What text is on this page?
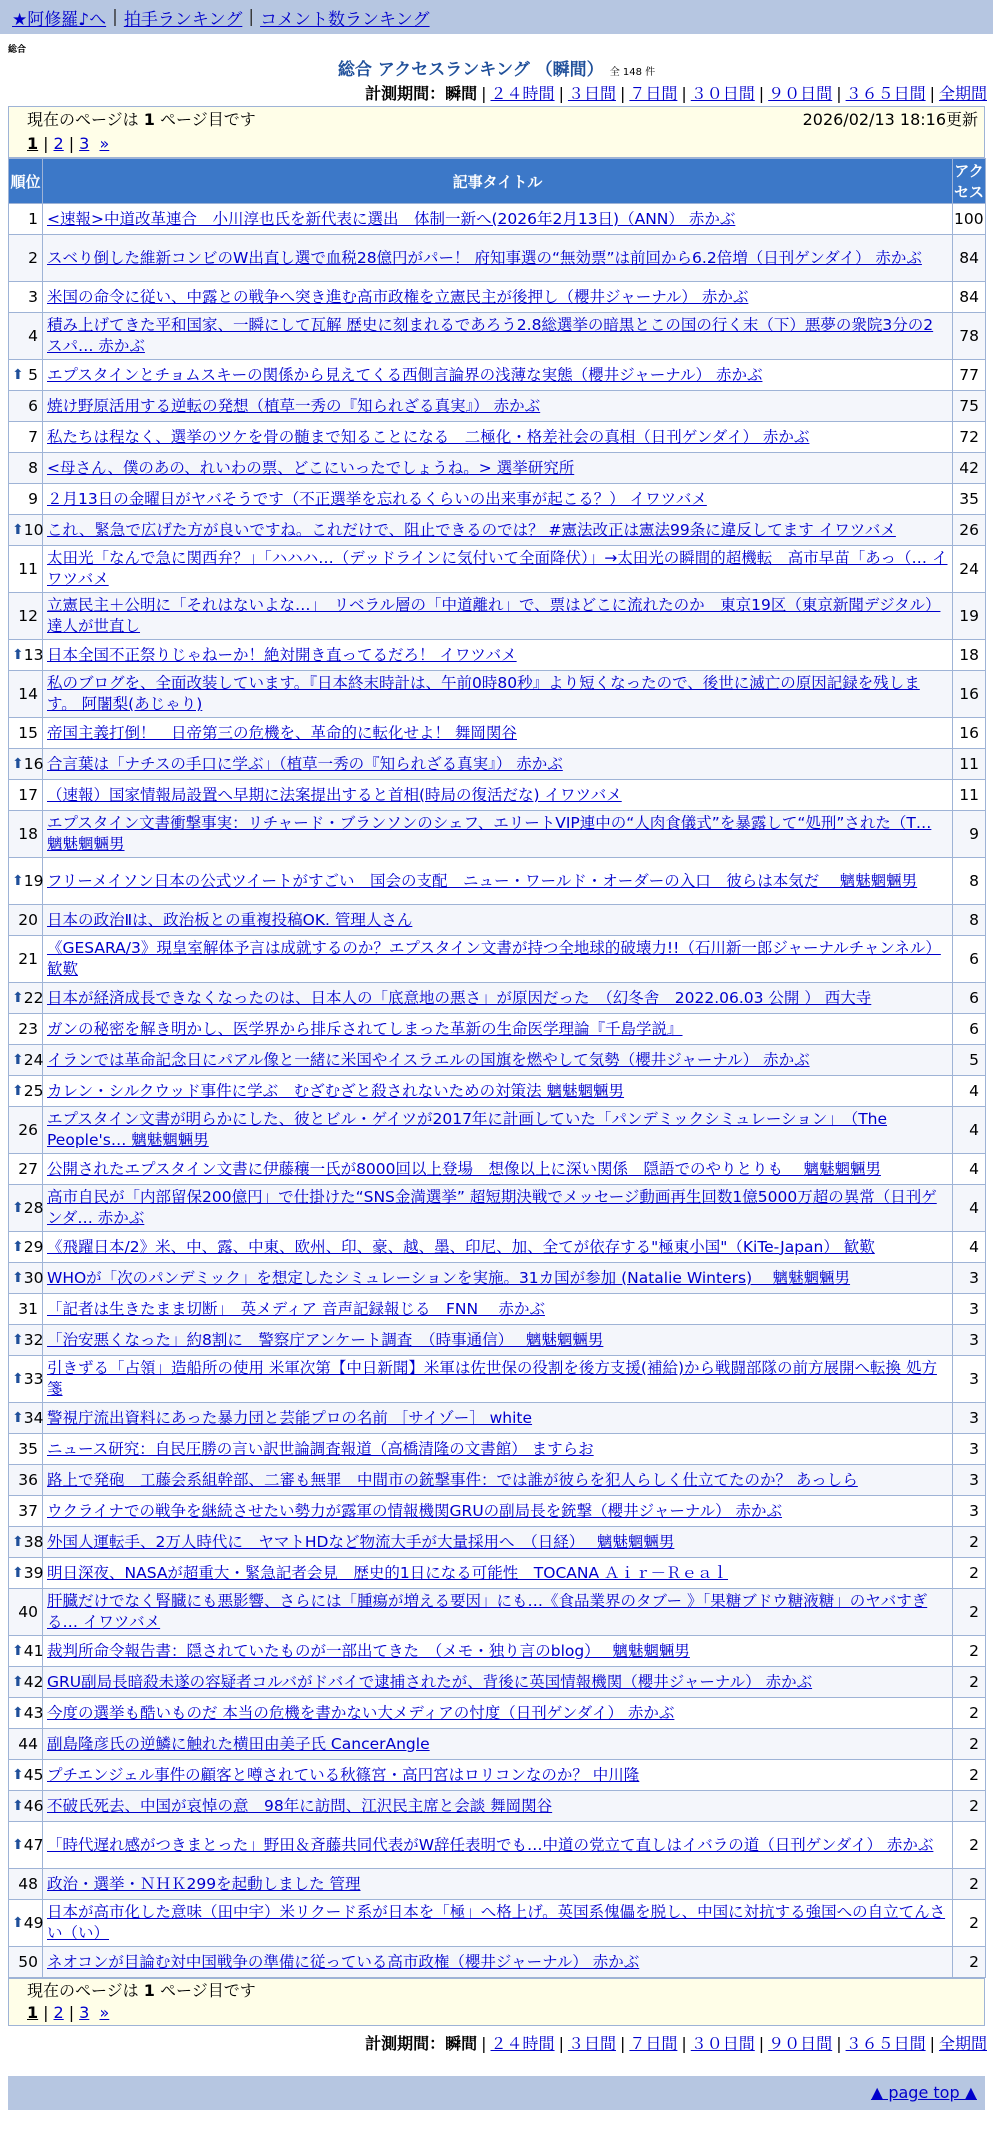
★阿修羅♪へ | 拍手ランキング | コメント数ランキング
総合
総合 アクセスランキング （瞬間） 全 148 件
計測期間：瞬間 | ２４時間 | ３日間 | ７日間 | ３０日間 | ９０日間 | ３６５日間 | 全期間
現在のページは 1 ページ目です	2026/02/13 18:16更新
1 | 2 | 3 »
順位	記事タイトル	アクセス
1	<速報>中道改革連合　小川淳也氏を新代表に選出　体制一新へ(2026年2月13日)（ANN） 赤かぶ	100
2	スベり倒した維新コンビのW出直し選で血税28億円がパー！ 府知事選の“無効票”は前回から6.2倍増（日刊ゲンダイ） 赤かぶ	84
3	米国の命令に従い、中露との戦争へ突き進む高市政権を立憲民主が後押し（櫻井ジャーナル） 赤かぶ	84
4	積み上げてきた平和国家、一瞬にして瓦解 歴史に刻まれるであろう2.8総選挙の暗黒とこの国の行く末（下）悪夢の衆院3分の2 スパ… 赤かぶ	78

⬆ 5	エプスタインとチョムスキーの関係から見えてくる西側言論界の浅薄な実態（櫻井ジャーナル） 赤かぶ	77
6	焼け野原活用する逆転の発想（植草一秀の『知られざる真実』） 赤かぶ	75
7	私たちは程なく、選挙のツケを骨の髄まで知ることになる　二極化・格差社会の真相（日刊ゲンダイ） 赤かぶ	72
8	<母さん、僕のあの、れいわの票、どこにいったでしょうね。> 選挙研究所	42
9	２月13日の金曜日がヤバそうです（不正選挙を忘れるくらいの出来事が起こる？） イワツバメ	35

⬆ 10	これ、緊急で広げた方が良いですね。これだけで、阻止できるのでは？ #憲法改正は憲法99条に違反してます イワツバメ	26
11	太田光「なんで急に関西弁？」「ハハハ…（デッドラインに気付いて全面降伏）」→太田光の瞬間的超機転　高市早苗「あっ（… イワツバメ	24
12	立憲民主＋公明に「それはないよな…」　リベラル層の「中道離れ」で、票はどこに流れたのか　東京19区（東京新聞デジタル） 達人が世直し	19

⬆ 13	日本全国不正祭りじゃねーか！絶対開き直ってるだろ！ イワツバメ	18
14	私のブログを、全面改装しています。『日本終末時計は、午前0時80秒』より短くなったので、後世に滅亡の原因記録を残します。 阿闍梨(あじゃり)	16
15	帝国主義打倒！　日帝第三の危機を、革命的に転化せよ！ 舞岡関谷	16

⬆ 16	合言葉は「ナチスの手口に学ぶ」（植草一秀の『知られざる真実』） 赤かぶ	11
17	（速報）国家情報局設置へ早期に法案提出すると首相(時局の復活だな) イワツバメ	11
18	エプスタイン文書衝撃事実：リチャード・ブランソンのシェフ、エリートVIP連中の“人肉食儀式”を暴露して“処刑”された（T… 魑魅魍魎男	9

⬆ 19	フリーメイソン日本の公式ツイートがすごい　国会の支配　ニュー・ワールド・オーダーの入口　彼らは本気だ　 魑魅魍魎男	8
20	日本の政治Ⅱは、政治板との重複投稿OK. 管理人さん	8
21	《GESARA/3》現皇室解体予言は成就するのか？エプスタイン文書が持つ全地球的破壊力!!（石川新一郎ジャーナルチャンネル） 歓歎	6

⬆ 22	日本が経済成長できなくなったのは、日本人の「底意地の悪さ」が原因だった　（幻冬舎　2022.06.03 公開 ） 西大寺	6
23	ガンの秘密を解き明かし、医学界から排斥されてしまった革新の生命医学理論『千島学説』	6

⬆ 24	イランでは革命記念日にパアル像と一緒に米国やイスラエルの国旗を燃やして気勢（櫻井ジャーナル） 赤かぶ	5

⬆ 25	カレン・シルクウッド事件に学ぶ　むざむざと殺されないための対策法 魑魅魍魎男	4
26	エプスタイン文書が明らかにした、彼とビル・ゲイツが2017年に計画していた「パンデミックシミュレーション」　（The People's… 魑魅魍魎男	4
27	公開されたエプスタイン文書に伊藤穰一氏が8000回以上登場　想像以上に深い関係　隠語でのやりとりも　 魑魅魍魎男	4

⬆ 28	高市自民が「内部留保200億円」で仕掛けた“SNS金満選挙” 超短期決戦でメッセージ動画再生回数1億5000万超の異常（日刊ゲンダ… 赤かぶ	4

⬆ 29	《飛躍日本/2》米、中、露、中東、欧州、印、豪、越、墨、印尼、加、全てが依存する"極東小国"（KiTe-Japan） 歓歎	4

⬆ 30	WHOが「次のパンデミック」を想定したシミュレーションを実施。31カ国が参加 (Natalie Winters)　 魑魅魍魎男	3
31	「記者は生きたまま切断」　英メディア 音声記録報じる　FNN　 赤かぶ	3

⬆ 32	「治安悪くなった」約8割に　警察庁アンケート調査　（時事通信）　 魑魅魍魎男	3

⬆ 33	引きずる「占領」造船所の使用 米軍次第【中日新聞】米軍は佐世保の役割を後方支援(補給)から戦闘部隊の前方展開へ転換 処方箋	3

⬆ 34	警視庁流出資料にあった暴力団と芸能プロの名前 ［サイゾー］ white	3
35	ニュース研究：自民圧勝の言い訳世論調査報道（高橋清隆の文書館） ますらお	3
36	路上で発砲　工藤会系組幹部、二審も無罪　中間市の銃撃事件：では誰が彼らを犯人らしく仕立てたのか？ あっしら	3
37	ウクライナでの戦争を継続させたい勢力が露軍の情報機関GRUの副局長を銃撃（櫻井ジャーナル） 赤かぶ	3

⬆ 38	外国人運転手、2万人時代に　ヤマトHDなど物流大手が大量採用へ　（日経）　 魑魅魍魎男	2

⬆ 39	明日深夜、NASAが超重大・緊急記者会見　歴史的1日になる可能性　TOCANA Ａｉｒ－Ｒｅａｌ	2
40	肝臓だけでなく腎臓にも悪影響、さらには「腫瘍が増える要因」にも…《食品業界のタブー 》「果糖ブドウ糖液糖」のヤバすぎる… イワツバメ	2

⬆ 41	裁判所命令報告書：隠されていたものが一部出てきた　（メモ・独り言のblog）　 魑魅魍魎男	2

⬆ 42	GRU副局長暗殺未遂の容疑者コルバがドバイで逮捕されたが、背後に英国情報機関（櫻井ジャーナル） 赤かぶ	2

⬆ 43	今度の選挙も酷いものだ 本当の危機を書かない大メディアの忖度（日刊ゲンダイ） 赤かぶ	2
44	副島隆彦氏の逆鱗に触れた横田由美子氏 CancerAngle	2

⬆ 45	プチエンジェル事件の顧客と噂されている秋篠宮・高円宮はロリコンなのか？ 中川隆	2

⬆ 46	不破氏死去、中国が哀悼の意　98年に訪問、江沢民主席と会談 舞岡関谷	2

⬆ 47	「時代遅れ感がつきまとった」野田＆斉藤共同代表がW辞任表明でも…中道の党立て直しはイバラの道（日刊ゲンダイ） 赤かぶ	2
48	政治・選挙・ＮＨＫ299を起動しました 管理	2

⬆ 49	日本が高市化した意味（田中宇）米リクード系が日本を「極」へ格上げ。英国系傀儡を脱し、中国に対抗する強国への自立てんさい（い）	2
50	ネオコンが目論む対中国戦争の準備に従っている高市政権（櫻井ジャーナル） 赤かぶ	2
現在のページは 1 ページ目です
1 | 2 | 3 »
計測期間：瞬間 | ２４時間 | ３日間 | ７日間 | ３０日間 | ９０日間 | ３６５日間 | 全期間
▲ page top ▲
